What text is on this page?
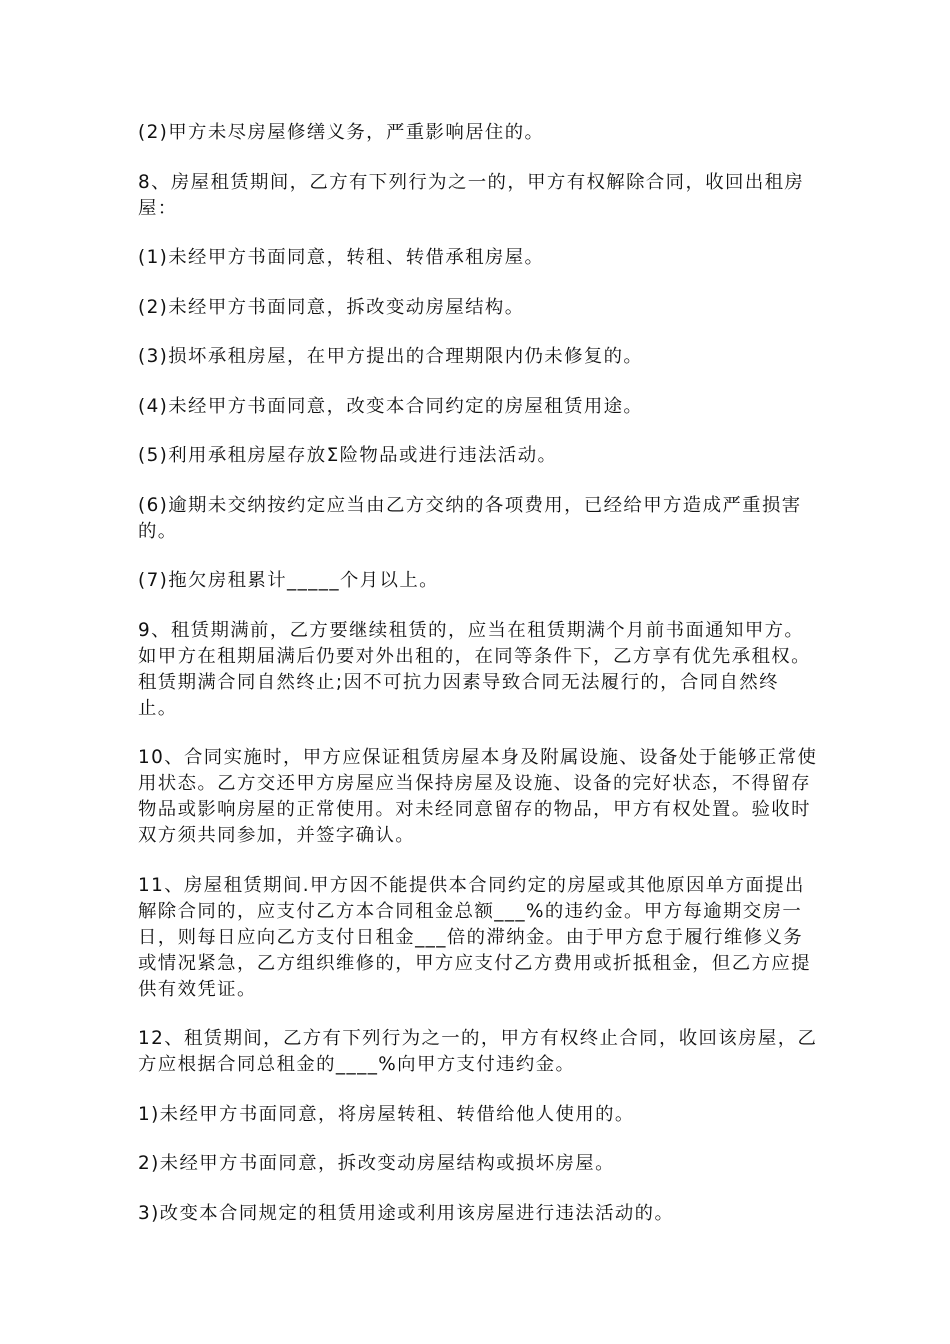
(2)甲方未尽房屋修缮义务，严重影响居住的。

8、房屋租赁期间，乙方有下列行为之一的，甲方有权解除合同，收回出租房屋：

(1)未经甲方书面同意，转租、转借承租房屋。

(2)未经甲方书面同意，拆改变动房屋结构。

(3)损坏承租房屋，在甲方提出的合理期限内仍未修复的。

(4)未经甲方书面同意，改变本合同约定的房屋租赁用途。

(5)利用承租房屋存放Σ险物品或进行违法活动。

(6)逾期未交纳按约定应当由乙方交纳的各项费用，已经给甲方造成严重损害的。

(7)拖欠房租累计_____个月以上。

9、租赁期满前，乙方要继续租赁的，应当在租赁期满个月前书面通知甲方。如甲方在租期届满后仍要对外出租的，在同等条件下，乙方享有优先承租权。租赁期满合同自然终止;因不可抗力因素导致合同无法履行的，合同自然终止。

10、合同实施时，甲方应保证租赁房屋本身及附属设施、设备处于能够正常使用状态。乙方交还甲方房屋应当保持房屋及设施、设备的完好状态，不得留存物品或影响房屋的正常使用。对未经同意留存的物品，甲方有权处置。验收时双方须共同参加，并签字确认。

11、房屋租赁期间.甲方因不能提供本合同约定的房屋或其他原因单方面提出解除合同的，应支付乙方本合同租金总额___%的违约金。甲方每逾期交房一日，则每日应向乙方支付日租金___倍的滞纳金。由于甲方怠于履行维修义务或情况紧急，乙方组织维修的，甲方应支付乙方费用或折抵租金，但乙方应提供有效凭证。

12、租赁期间，乙方有下列行为之一的，甲方有权终止合同，收回该房屋，乙方应根据合同总租金的____%向甲方支付违约金。

1)未经甲方书面同意，将房屋转租、转借给他人使用的。

2)未经甲方书面同意，拆改变动房屋结构或损坏房屋。

3)改变本合同规定的租赁用途或利用该房屋进行违法活动的。
